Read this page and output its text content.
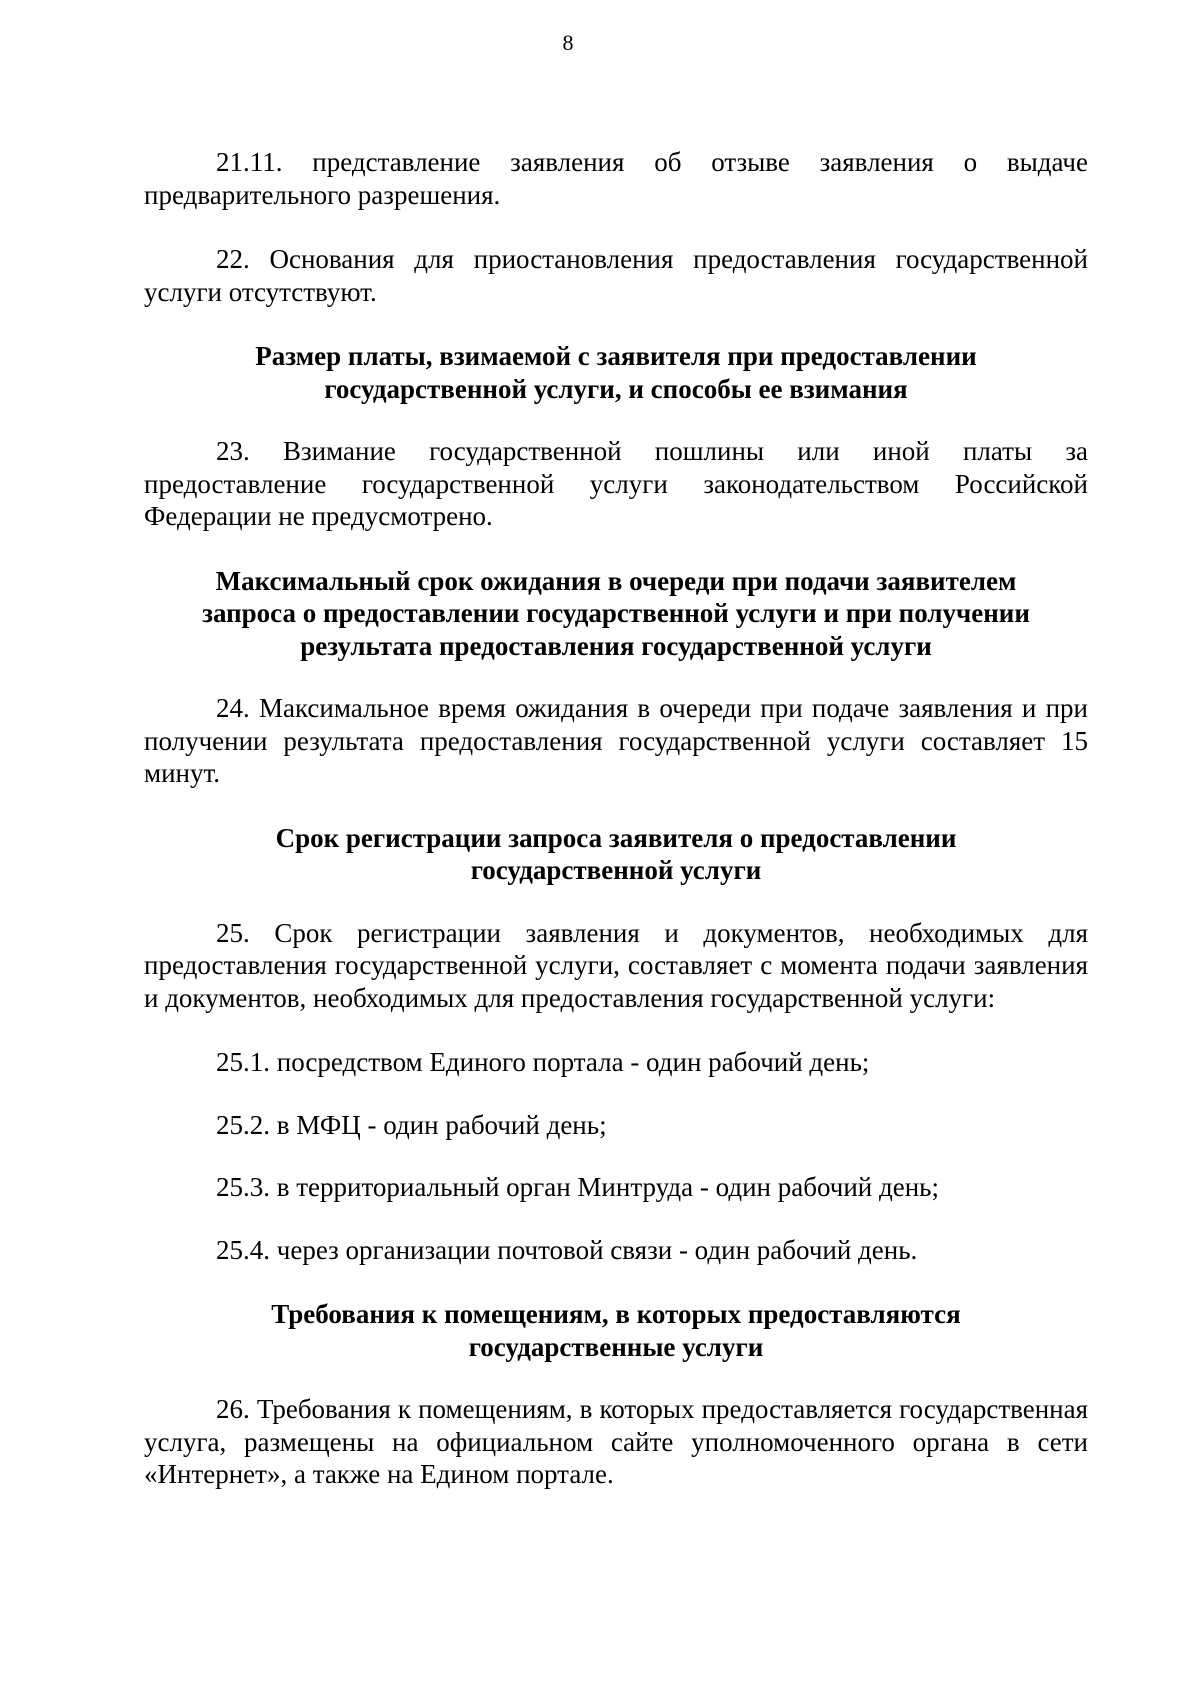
8

21.11. представление заявления об отзыве заявления о выдаче предварительного разрешения.

22. Основания для приостановления предоставления государственной услуги отсутствуют.

Размер платы, взимаемой с заявителя при предоставлении
государственной услуги, и способы ее взимания

23. Взимание государственной пошлины или иной платы за предоставление государственной услуги законодательством Российской Федерации не предусмотрено.

Максимальный срок ожидания в очереди при подачи заявителем
запроса о предоставлении государственной услуги и при получении
результата предоставления государственной услуги

24. Максимальное время ожидания в очереди при подаче заявления и при получении результата предоставления государственной услуги составляет 15 минут.

Срок регистрации запроса заявителя о предоставлении
государственной услуги

25. Срок регистрации заявления и документов, необходимых для предоставления государственной услуги, составляет с момента подачи заявления и документов, необходимых для предоставления государственной услуги:

25.1. посредством Единого портала - один рабочий день;

25.2. в МФЦ - один рабочий день;

25.3. в территориальный орган Минтруда - один рабочий день;

25.4. через организации почтовой связи - один рабочий день.

Требования к помещениям, в которых предоставляются
государственные услуги

26. Требования к помещениям, в которых предоставляется государственная услуга, размещены на официальном сайте уполномоченного органа в сети «Интернет», а также на Едином портале.
